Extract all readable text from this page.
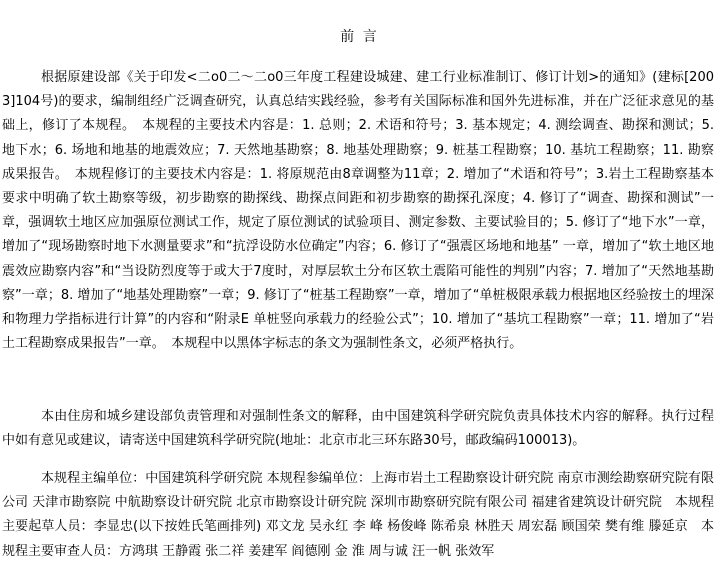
前 言

根据原建设部《关于印发<二o0二～二o0三年度工程建设城建、建工行业标准制订、修订计划>的通知》(建标[2003]104号)的要求，编制组经广泛调查研究，认真总结实践经验，参考有关国际标准和国外先进标准，并在广泛征求意见的基础上，修订了本规程。　本规程的主要技术内容是：1. 总则；2. 术语和符号；3. 基本规定；4. 测绘调查、勘探和测试；5. 地下水；6. 场地和地基的地震效应；7. 天然地基勘察；8. 地基处理勘察；9. 桩基工程勘察；10. 基坑工程勘察；11. 勘察成果报告。　本规程修订的主要技术内容是：1. 将原规范由8章调整为11章；2. 增加了“术语和符号”；3.岩土工程勘察基本要求中明确了软土勘察等级，初步勘察的勘探线、勘探点间距和初步勘察的勘探孔深度；4. 修订了“调查、勘探和测试”一章，强调软土地区应加强原位测试工作，规定了原位测试的试验项目、测定参数、主要试验目的；5. 修订了“地下水”一章，增加了“现场勘察时地下水测量要求”和“抗浮设防水位确定”内容；6. 修订了“强震区场地和地基” 一章，增加了“软土地区地震效应勘察内容”和“当设防烈度等于或大于7度时，对厚层软土分布区软土震陷可能性的判别”内容；7. 增加了“天然地基勘察”一章；8. 增加了“地基处理勘察”一章；9. 修订了“桩基工程勘察”一章，增加了“单桩极限承载力根据地区经验按土的埋深和物理力学指标进行计算”的内容和“附录E 单桩竖向承载力的经验公式”；10. 增加了“基坑工程勘察”一章；11. 增加了“岩土工程勘察成果报告”一章。　本规程中以黑体字标志的条文为强制性条文，必须严格执行。

本由住房和城乡建设部负责管理和对强制性条文的解释，由中国建筑科学研究院负责具体技术内容的解释。执行过程中如有意见或建议，请寄送中国建筑科学研究院(地址：北京市北三环东路30号，邮政编码100013)。

本规程主编单位：中国建筑科学研究院 本规程参编单位：上海市岩土工程勘察设计研究院 南京市测绘勘察研究院有限公司 天津市勘察院 中航勘察设计研究院 北京市勘察设计研究院 深圳市勘察研究院有限公司 福建省建筑设计研究院　本规程主要起草人员：李显忠(以下按姓氏笔画排列) 邓文龙 吴永红 李 峰 杨俊峰 陈希泉 林胜天 周宏磊 顾国荣 樊有维 滕延京　本规程主要审查人员：方鸿琪 王静霞 张二祥 姜建军 阎德刚 金 淮 周与诚 汪一帆 张效军
